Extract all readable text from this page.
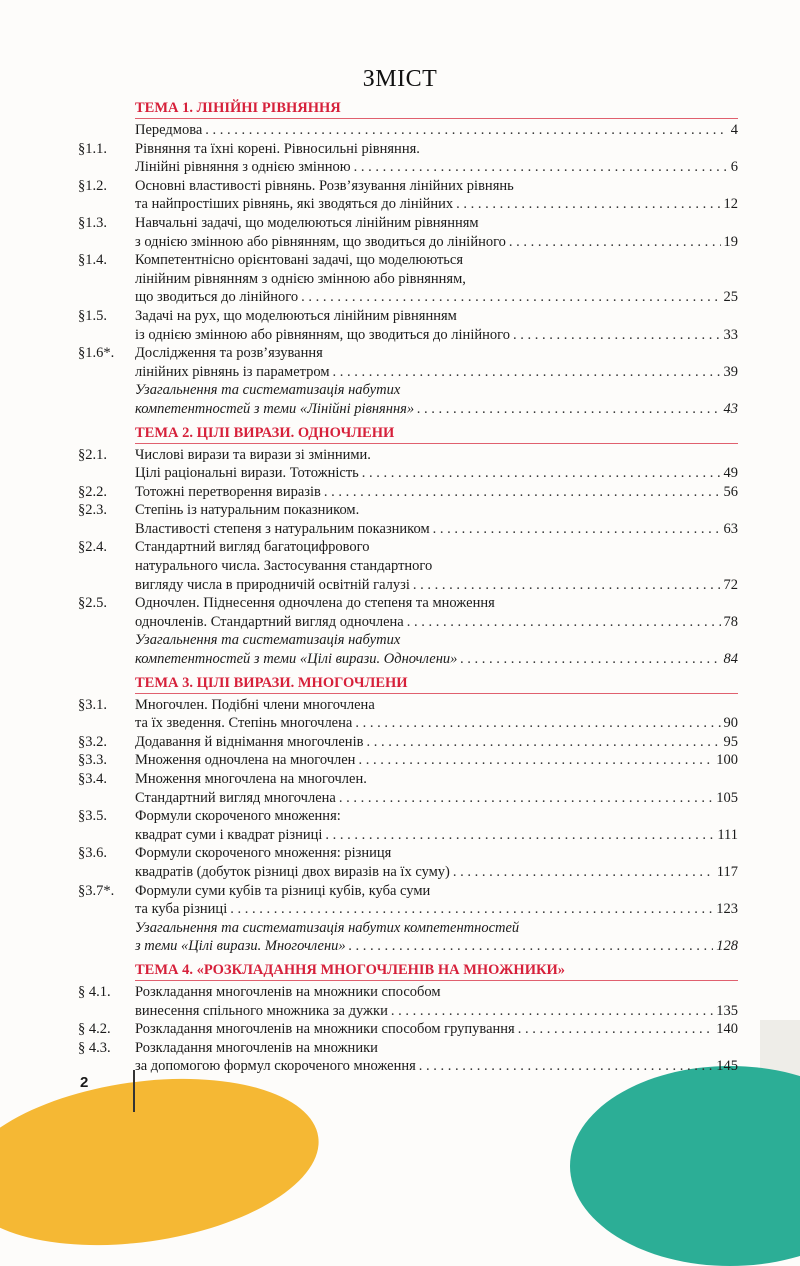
ЗМІСТ
ТЕМА 1. ЛІНІЙНІ РІВНЯННЯ
Передмова . . .	4
§1.1. Рівняння та їхні корені. Рівносильні рівняння.
Лінійні рівняння з однією змінною . . .	6
§1.2. Основні властивості рівнянь. Розв’язування лінійних рівнянь
та найпростіших рівнянь, які зводяться до лінійних . . .	12
§1.3. Навчальні задачі, що моделюються лінійним рівнянням
з однією змінною або рівнянням, що зводиться до лінійного . . .	19
§1.4. Компетентнісно орієнтовані задачі, що моделюються
лінійним рівнянням з однією змінною або рівнянням,
що зводиться до лінійного . . .	25
§1.5. Задачі на рух, що моделюються лінійним рівнянням
із однією змінною або рівнянням, що зводиться до лінійного . . .	33
§1.6*. Дослідження та розв’язування
лінійних рівнянь із параметром . . .	39
Узагальнення та систематизація набутих
компетентностей з теми «Лінійні рівняння» . . .	43
ТЕМА 2. ЦІЛІ ВИРАЗИ. ОДНОЧЛЕНИ
§2.1. Числові вирази та вирази зі змінними.
Цілі раціональні вирази. Тотожність . . .	49
§2.2. Тотожні перетворення виразів . . .	56
§2.3. Степінь із натуральним показником.
Властивості степеня з натуральним показником . . .	63
§2.4. Стандартний вигляд багатоцифрового
натурального числа. Застосування стандартного
вигляду числа в природничій освітній галузі . . .	72
§2.5. Одночлен. Піднесення одночлена до степеня та множення
одночленів. Стандартний вигляд одночлена . . .	78
Узагальнення та систематизація набутих
компетентностей з теми «Цілі вирази. Одночлени» . . .	84
ТЕМА 3. ЦІЛІ ВИРАЗИ. МНОГОЧЛЕНИ
§3.1. Многочлен. Подібні члени многочлена
та їх зведення. Степінь многочлена . . .	90
§3.2. Додавання й віднімання многочленів . . .	95
§3.3. Множення одночлена на многочлен . . .	100
§3.4. Множення многочлена на многочлен.
Стандартний вигляд многочлена . . .	105
§3.5. Формули скороченого множення:
квадрат суми і квадрат різниці . . .	111
§3.6. Формули скороченого множення: різниця
квадратів (добуток різниці двох виразів на їх суму) . . .	117
§3.7*. Формули суми кубів та різниці кубів, куба суми
та куба різниці . . .	123
Узагальнення та систематизація набутих компетентностей
з теми «Цілі вирази. Многочлени» . . .	128
ТЕМА 4. «РОЗКЛАДАННЯ МНОГОЧЛЕНІВ НА МНОЖНИКИ»
§ 4.1. Розкладання многочленів на множники способом
винесення спільного множника за дужки . . .	135
§ 4.2. Розкладання многочленів на множники способом групування . . .	140
§ 4.3. Розкладання многочленів на множники
за допомогою формул скороченого множення . . .	145
2
